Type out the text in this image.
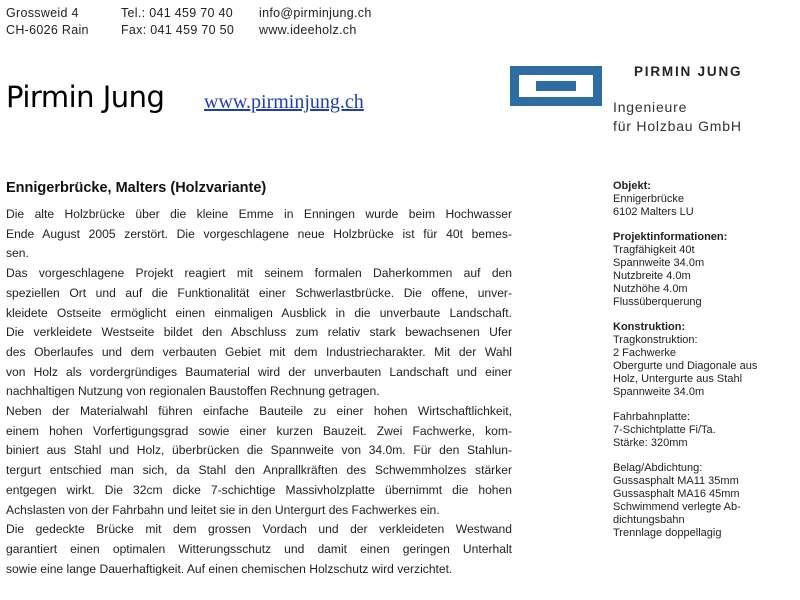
Grossweid 4
CH-6026 Rain
Tel.: 041 459 70 40
Fax: 041 459 70 50
info@pirminjung.ch
www.ideeholz.ch
Pirmin Jung www.pirminjung.ch
PIRMIN JUNG
Ingenieure
für Holzbau GmbH
Ennigerbrücke, Malters (Holzvariante)
Die alte Holzbrücke über die kleine Emme in Enningen wurde beim Hochwasser
Ende August 2005 zerstört. Die vorgeschlagene neue Holzbrücke ist für 40t bemes-
sen.
Das vorgeschlagene Projekt reagiert mit seinem formalen Daherkommen auf den
speziellen Ort und auf die Funktionalität einer Schwerlastbrücke. Die offene, unver-
kleidete Ostseite ermöglicht einen einmaligen Ausblick in die unverbaute Landschaft.
Die verkleidete Westseite bildet den Abschluss zum relativ stark bewachsenen Ufer
des Oberlaufes und dem verbauten Gebiet mit dem Industriecharakter. Mit der Wahl
von Holz als vordergründiges Baumaterial wird der unverbauten Landschaft und einer
nachhaltigen Nutzung von regionalen Baustoffen Rechnung getragen.
Neben der Materialwahl führen einfache Bauteile zu einer hohen Wirtschaftlichkeit,
einem hohen Vorfertigungsgrad sowie einer kurzen Bauzeit. Zwei Fachwerke, kom-
biniert aus Stahl und Holz, überbrücken die Spannweite von 34.0m. Für den Stahlun-
tergurt entschied man sich, da Stahl den Anprallkräften des Schwemmholzes stärker
entgegen wirkt. Die 32cm dicke 7-schichtige Massivholzplatte übernimmt die hohen
Achslasten von der Fahrbahn und leitet sie in den Untergurt des Fachwerkes ein.
Die gedeckte Brücke mit dem grossen Vordach und der verkleideten Westwand
garantiert einen optimalen Witterungsschutz und damit einen geringen Unterhalt
sowie eine lange Dauerhaftigkeit. Auf einen chemischen Holzschutz wird verzichtet.
Objekt:
Ennigerbrücke
6102 Malters LU
Projektinformationen:
Tragfähigkeit 40t
Spannweite 34.0m
Nutzbreite 4.0m
Nutzhöhe 4.0m
Flussüberquerung
Konstruktion:
Tragkonstruktion:
2 Fachwerke
Obergurte und Diagonale aus
Holz, Untergurte aus Stahl
Spannweite 34.0m
Fahrbahnplatte:
7-Schichtplatte Fi/Ta.
Stärke: 320mm
Belag/Abdichtung:
Gussasphalt MA11 35mm
Gussasphalt MA16 45mm
Schwimmend verlegte Ab-
dichtungsbahn
Trennlage doppellagig
